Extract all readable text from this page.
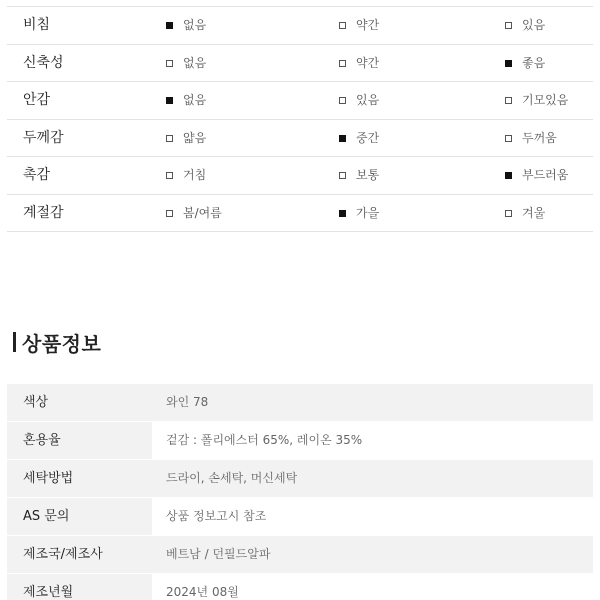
비침	없음	약간	있음
신축성	없음	약간	좋음
안감	없음	있음	기모있음
두께감	얇음	중간	두꺼움
촉감	거침	보통	부드러움
계절감	봄/여름	가을	겨울
상품정보
색상	와인 78
혼용율	겉감 : 폴리에스터 65%, 레이온 35%
세탁방법	드라이, 손세탁, 머신세탁
AS 문의	상품 정보고시 참조
제조국/제조사	베트남 / 던필드알파
제조년월	2024년 08월
